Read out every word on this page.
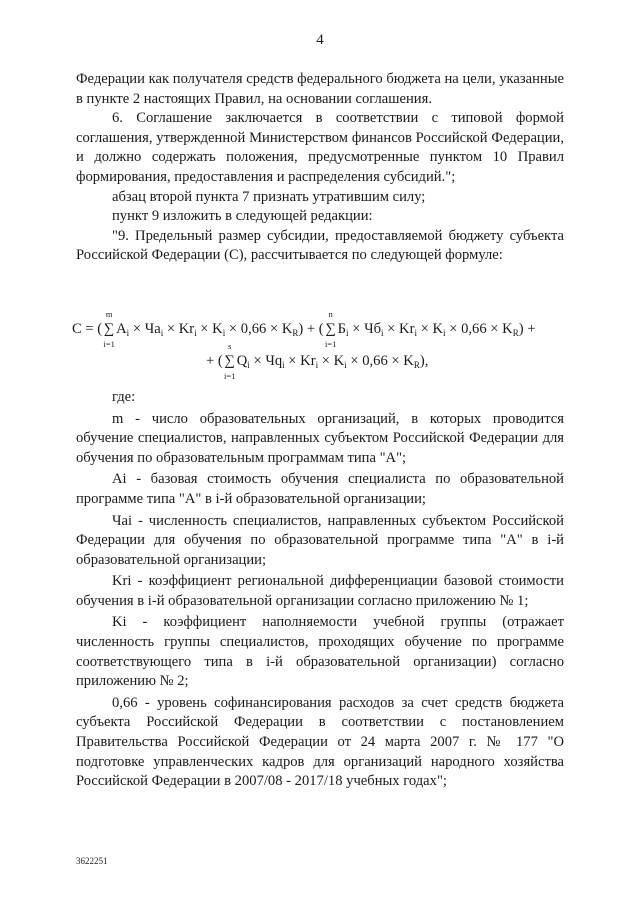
4

Федерации как получателя средств федерального бюджета на цели, указанные в пункте 2 настоящих Правил, на основании соглашения.

6. Соглашение заключается в соответствии с типовой формой соглашения, утвержденной Министерством финансов Российской Федерации, и должно содержать положения, предусмотренные пунктом 10 Правил формирования, предоставления и распределения субсидий.";

абзац второй пункта 7 признать утратившим силу;

пункт 9 изложить в следующей редакции:

"9. Предельный размер субсидии, предоставляемой бюджету субъекта Российской Федерации (С), рассчитывается по следующей формуле:

C = (
m
∑
i=1
$A_i \times Ча_i \times Kr_i \times K_i \times 0,66 \times K_R$) + (
n
∑
i=1
$Б_i \times Чб_i \times Kr_i \times K_i \times 0,66 \times K_R$) +
+ (
s
∑
i=1
$Q_i \times Чq_i \times Kr_i \times K_i \times 0,66 \times K_R$),

где:

m - число образовательных организаций, в которых проводится обучение специалистов, направленных субъектом Российской Федерации для обучения по образовательным программам типа "А";

Ai - базовая стоимость обучения специалиста по образовательной программе типа "А" в i-й образовательной организации;

Чаi - численность специалистов, направленных субъектом Российской Федерации для обучения по образовательной программе типа "А" в i-й образовательной организации;

Kri - коэффициент региональной дифференциации базовой стоимости обучения в i-й образовательной организации согласно приложению № 1;

Ki - коэффициент наполняемости учебной группы (отражает численность группы специалистов, проходящих обучение по программе соответствующего типа в i-й образовательной организации) согласно приложению № 2;

0,66 - уровень софинансирования расходов за счет средств бюджета субъекта Российской Федерации в соответствии с постановлением Правительства Российской Федерации от 24 марта 2007 г. № 177 "О подготовке управленческих кадров для организаций народного хозяйства Российской Федерации в 2007/08 - 2017/18 учебных годах";

3622251
